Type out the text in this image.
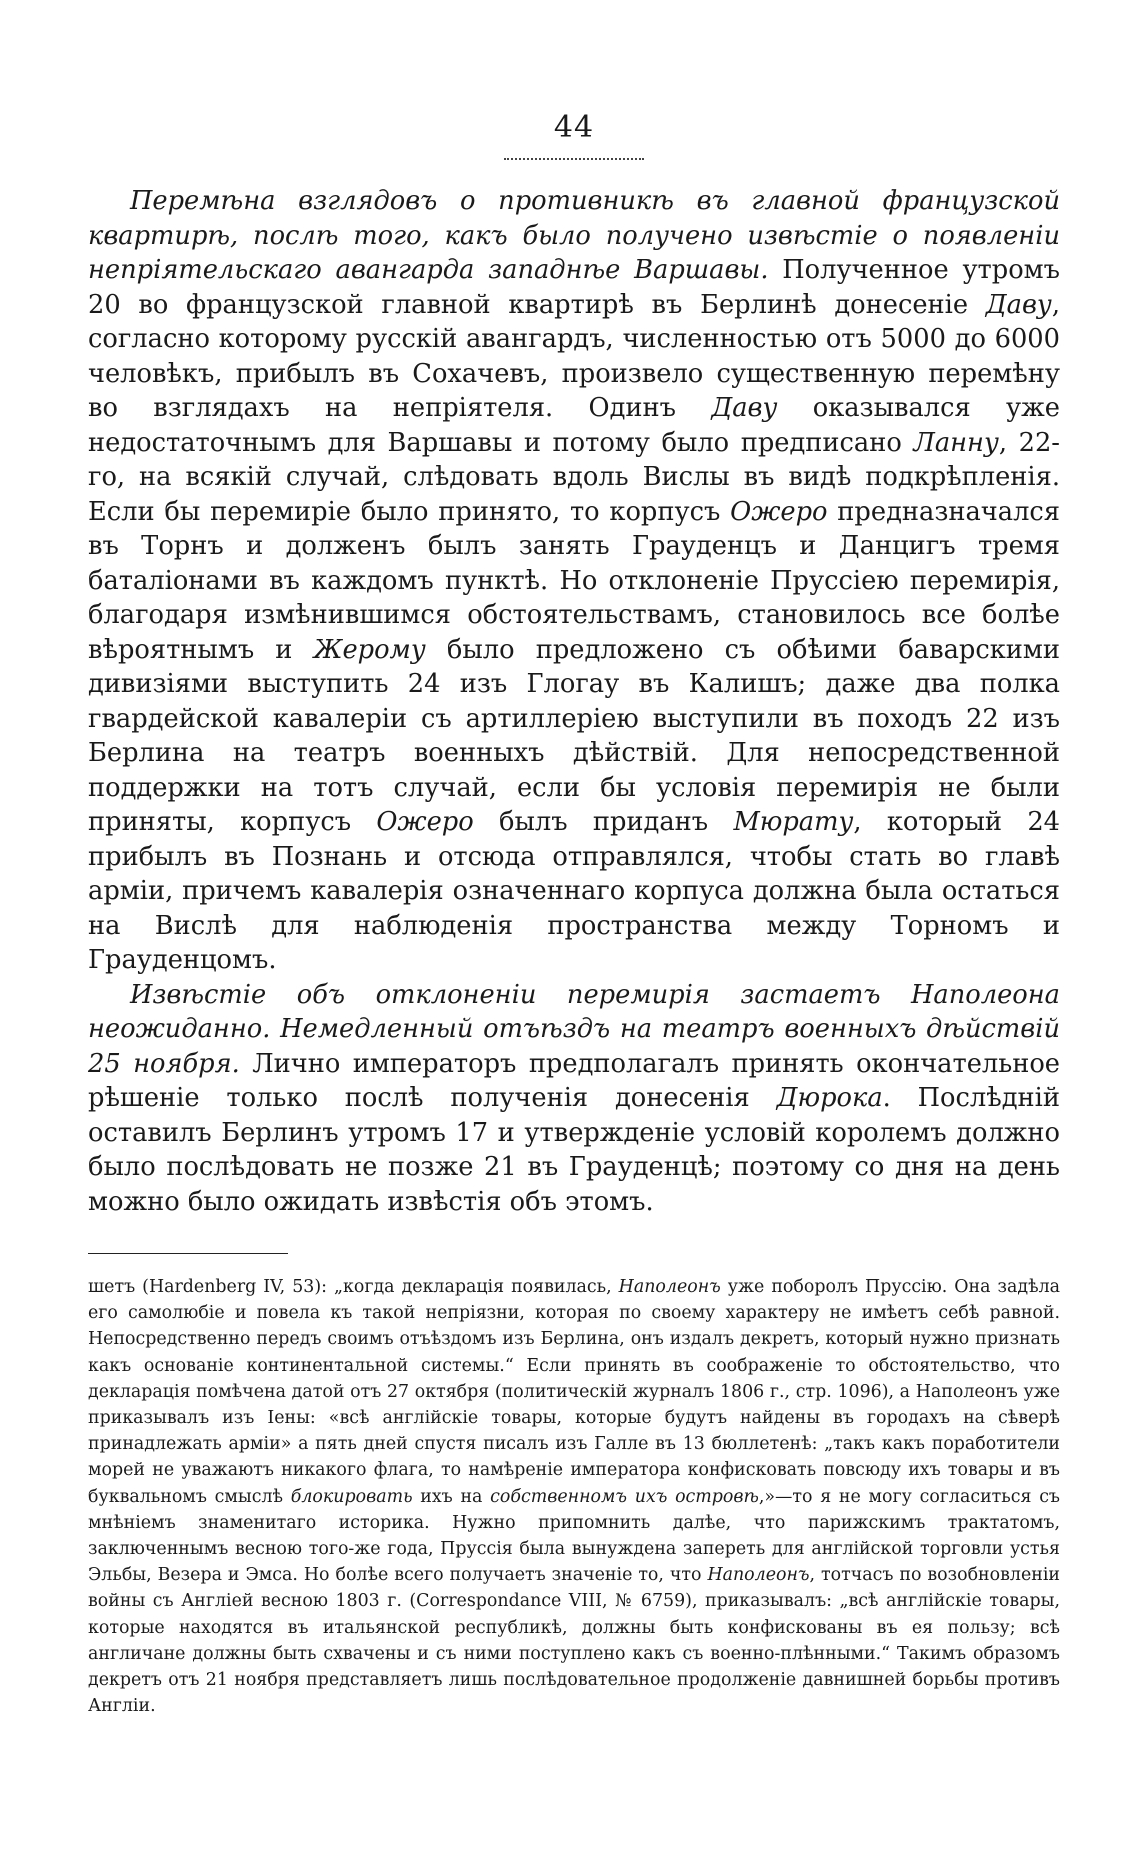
44

Перемѣна взглядовъ о противникѣ въ главной французской квартирѣ, послѣ того, какъ было получено извѣстіе о появленіи непріятельскаго авангарда западнѣе Варшавы. Полученное утромъ 20 во французской главной квартирѣ въ Берлинѣ донесеніе Даву, согласно которому русскій авангардъ, численностью отъ 5000 до 6000 человѣкъ, прибылъ въ Сохачевъ, произвело существенную перемѣну во взглядахъ на непріятеля. Одинъ Даву оказывался уже недостаточнымъ для Варшавы и потому было предписано Ланну, 22-го, на всякій случай, слѣдовать вдоль Вислы въ видѣ подкрѣпленія. Если бы перемиріе было принято, то корпусъ Ожеро предназначался въ Торнъ и долженъ былъ занять Грауденцъ и Данцигъ тремя баталіонами въ каждомъ пунктѣ. Но отклоненіе Пруссіею перемирія, благодаря измѣнившимся обстоятельствамъ, становилось все болѣе вѣроятнымъ и Жерому было предложено съ обѣими баварскими дивизіями выступить 24 изъ Глогау въ Калишъ; даже два полка гвардейской кавалеріи съ артиллеріею выступили въ походъ 22 изъ Берлина на театръ военныхъ дѣйствій. Для непосредственной поддержки на тотъ случай, если бы условія перемирія не были приняты, корпусъ Ожеро былъ приданъ Мюрату, который 24 прибылъ въ Познань и отсюда отправлялся, чтобы стать во главѣ арміи, причемъ кавалерія означеннаго корпуса должна была остаться на Вислѣ для наблюденія пространства между Торномъ и Грауденцомъ.

Извѣстіе объ отклоненіи перемирія застаетъ Наполеона неожиданно. Немедленный отъѣздъ на театръ военныхъ дѣйствій 25 ноября. Лично императоръ предполагалъ принять окончательное рѣшеніе только послѣ полученія донесенія Дюрока. Послѣдній оставилъ Берлинъ утромъ 17 и утвержденіе условій королемъ должно было послѣдовать не позже 21 въ Грауденцѣ; поэтому со дня на день можно было ожидать извѣстія объ этомъ.

шетъ (Hardenberg IV, 53): „когда декларація появилась, Наполеонъ уже поборолъ Пруссію. Она задѣла его самолюбіе и повела къ такой непріязни, которая по своему характеру не имѣетъ себѣ равной. Непосредственно передъ своимъ отъѣздомъ изъ Берлина, онъ издалъ декретъ, который нужно признать какъ основаніе континентальной системы.“ Если принять въ соображеніе то обстоятельство, что декларація помѣчена датой отъ 27 октября (политическій журналъ 1806 г., стр. 1096), а Наполеонъ уже приказывалъ изъ Іены: «всѣ англійскіе товары, которые будутъ найдены въ городахъ на сѣверѣ принадлежать арміи» а пять дней спустя писалъ изъ Галле въ 13 бюллетенѣ: „такъ какъ поработители морей не уважаютъ никакого флага, то намѣреніе императора конфисковать повсюду ихъ товары и въ буквальномъ смыслѣ блокировать ихъ на собственномъ ихъ островѣ,»—то я не могу согласиться съ мнѣніемъ знаменитаго историка. Нужно припомнить далѣе, что парижскимъ трактатомъ, заключеннымъ весною того-же года, Пруссія была вынуждена запереть для англійской торговли устья Эльбы, Везера и Эмса. Но болѣе всего получаетъ значеніе то, что Наполеонъ, тотчасъ по возобновленіи войны съ Англіей весною 1803 г. (Correspondance VIII, № 6759), приказывалъ: „всѣ англійскіе товары, которые находятся въ итальянской республикѣ, должны быть конфискованы въ ея пользу; всѣ англичане должны быть схвачены и съ ними поступлено какъ съ военно-плѣнными.“ Такимъ образомъ декретъ отъ 21 ноября представляетъ лишь послѣдовательное продолженіе давнишней борьбы противъ Англіи.
